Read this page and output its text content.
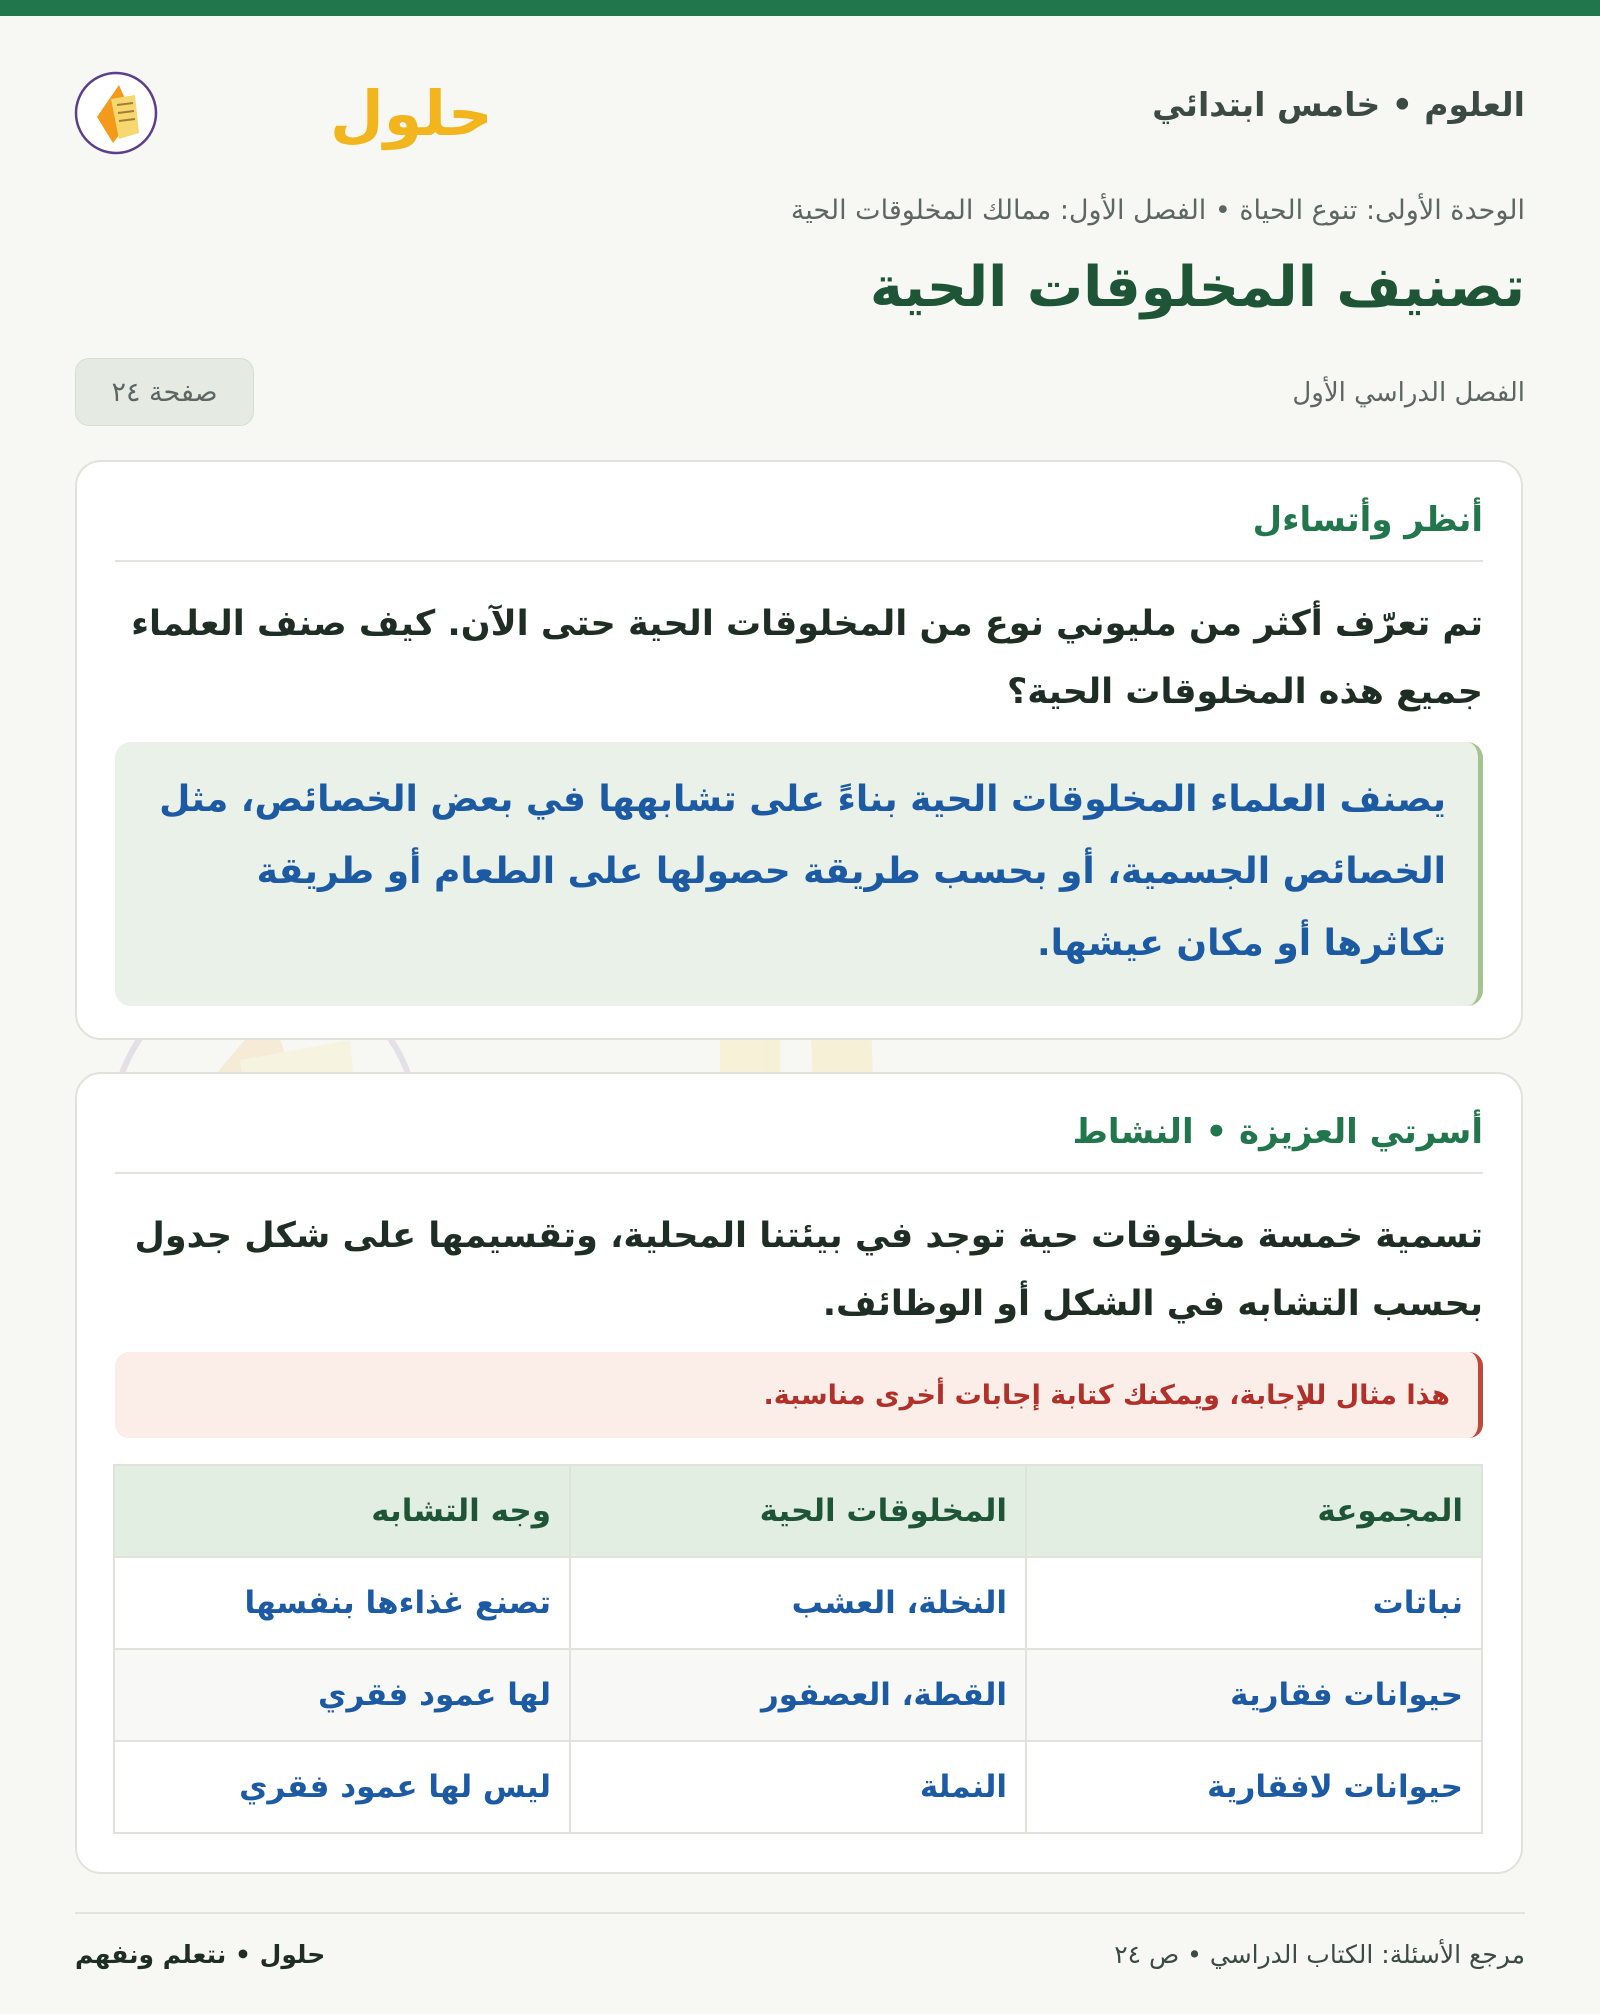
العلوم • خامس ابتدائي
حلول
الوحدة الأولى: تنوع الحياة • الفصل الأول: ممالك المخلوقات الحية
تصنيف المخلوقات الحية
الفصل الدراسي الأول
صفحة ٢٤
أنظر وأتساءل

تم تعرّف أكثر من مليوني نوع من المخلوقات الحية حتى الآن. كيف صنف العلماء جميع هذه المخلوقات الحية؟

يصنف العلماء المخلوقات الحية بناءً على تشابهها في بعض الخصائص، مثل الخصائص الجسمية، أو بحسب طريقة حصولها على الطعام أو طريقة تكاثرها أو مكان عيشها.
أسرتي العزيزة • النشاط

تسمية خمسة مخلوقات حية توجد في بيئتنا المحلية، وتقسيمها على شكل جدول بحسب التشابه في الشكل أو الوظائف.

هذا مثال للإجابة، ويمكنك كتابة إجابات أخرى مناسبة.
المجموعة	المخلوقات الحية	وجه التشابه
نباتات	النخلة، العشب	تصنع غذاءها بنفسها
حيوانات فقارية	القطة، العصفور	لها عمود فقري
حيوانات لافقارية	النملة	ليس لها عمود فقري
مرجع الأسئلة: الكتاب الدراسي • ص ٢٤
حلول • نتعلم ونفهم
